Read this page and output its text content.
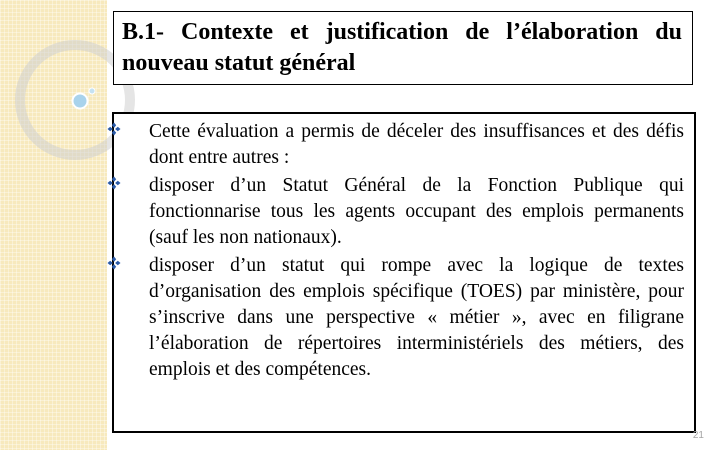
B.1- Contexte et justification de l’élaboration du nouveau statut général
Cette évaluation a permis de déceler des insuffisances et des défis dont entre autres :
disposer d’un Statut Général de la Fonction Publique qui fonctionnarise tous les agents occupant des emplois permanents (sauf les non nationaux).
disposer d’un statut qui rompe avec la logique de textes d’organisation des emplois spécifique (TOES) par ministère, pour s’inscrive dans une perspective « métier », avec en filigrane l’élaboration de répertoires interministériels des métiers, des emplois et des compétences.
21
